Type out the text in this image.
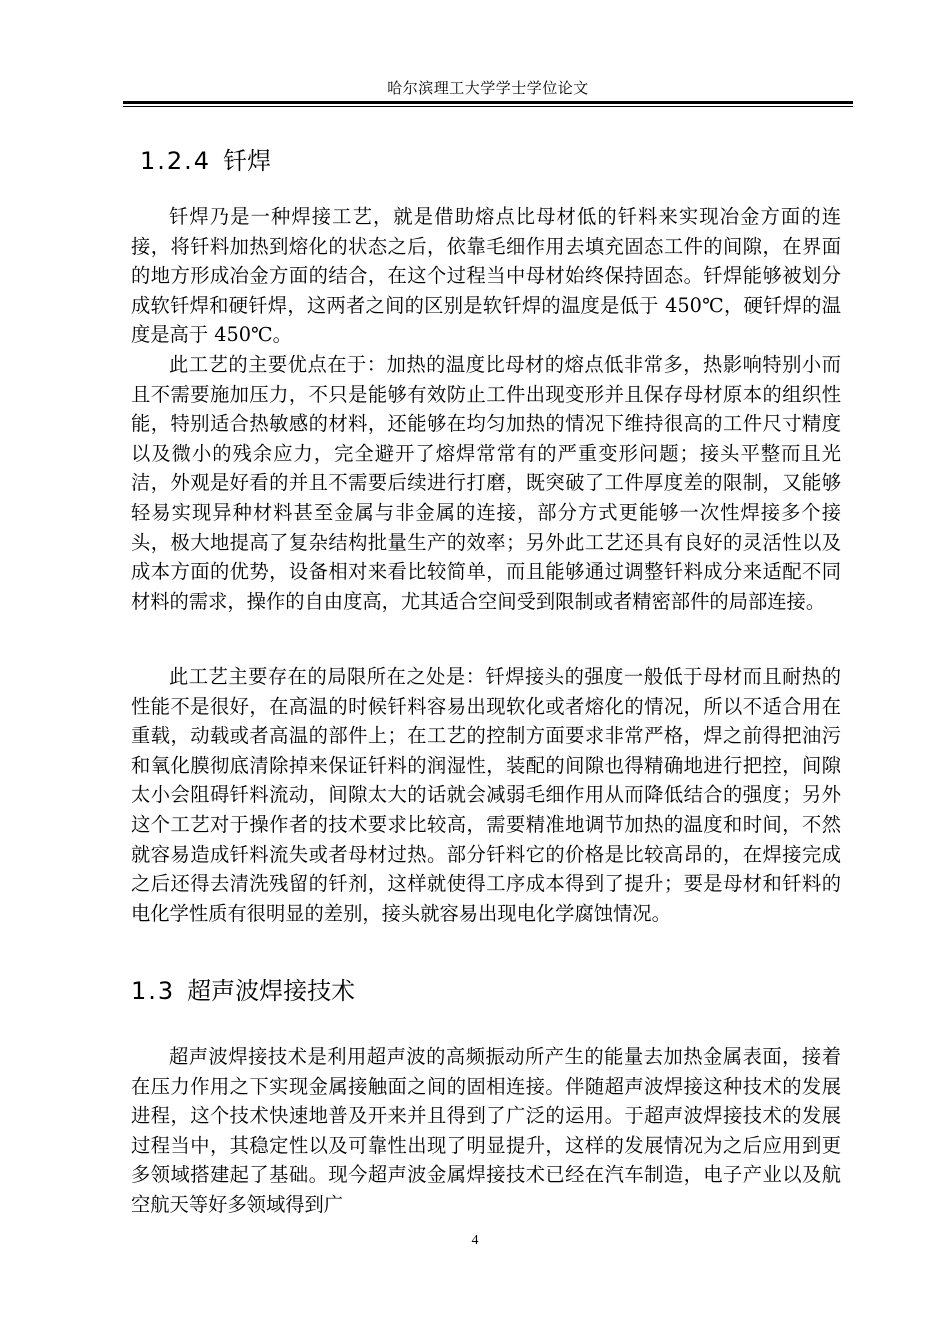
哈尔滨理工大学学士学位论文
1.2.4 钎焊

钎焊乃是一种焊接工艺，就是借助熔点比母材低的钎料来实现冶金方面的连接，将钎料加热到熔化的状态之后，依靠毛细作用去填充固态工件的间隙，在界面的地方形成冶金方面的结合，在这个过程当中母材始终保持固态。钎焊能够被划分成软钎焊和硬钎焊，这两者之间的区别是软钎焊的温度是低于 450℃，硬钎焊的温度是高于 450℃。

此工艺的主要优点在于：加热的温度比母材的熔点低非常多，热影响特别小而且不需要施加压力，不只是能够有效防止工件出现变形并且保存母材原本的组织性能，特别适合热敏感的材料，还能够在均匀加热的情况下维持很高的工件尺寸精度以及微小的残余应力，完全避开了熔焊常常有的严重变形问题；接头平整而且光洁，外观是好看的并且不需要后续进行打磨，既突破了工件厚度差的限制，又能够轻易实现异种材料甚至金属与非金属的连接，部分方式更能够一次性焊接多个接头，极大地提高了复杂结构批量生产的效率；另外此工艺还具有良好的灵活性以及成本方面的优势，设备相对来看比较简单，而且能够通过调整钎料成分来适配不同材料的需求，操作的自由度高，尤其适合空间受到限制或者精密部件的局部连接。

此工艺主要存在的局限所在之处是：钎焊接头的强度一般低于母材而且耐热的性能不是很好，在高温的时候钎料容易出现软化或者熔化的情况，所以不适合用在重载，动载或者高温的部件上；在工艺的控制方面要求非常严格，焊之前得把油污和氧化膜彻底清除掉来保证钎料的润湿性，装配的间隙也得精确地进行把控，间隙太小会阻碍钎料流动，间隙太大的话就会减弱毛细作用从而降低结合的强度；另外这个工艺对于操作者的技术要求比较高，需要精准地调节加热的温度和时间，不然就容易造成钎料流失或者母材过热。部分钎料它的价格是比较高昂的，在焊接完成之后还得去清洗残留的钎剂，这样就使得工序成本得到了提升；要是母材和钎料的电化学性质有很明显的差别，接头就容易出现电化学腐蚀情况。

1.3 超声波焊接技术

超声波焊接技术是利用超声波的高频振动所产生的能量去加热金属表面，接着在压力作用之下实现金属接触面之间的固相连接。伴随超声波焊接这种技术的发展进程，这个技术快速地普及开来并且得到了广泛的运用。于超声波焊接技术的发展过程当中，其稳定性以及可靠性出现了明显提升，这样的发展情况为之后应用到更多领域搭建起了基础。现今超声波金属焊接技术已经在汽车制造，电子产业以及航空航天等好多领域得到广

4
